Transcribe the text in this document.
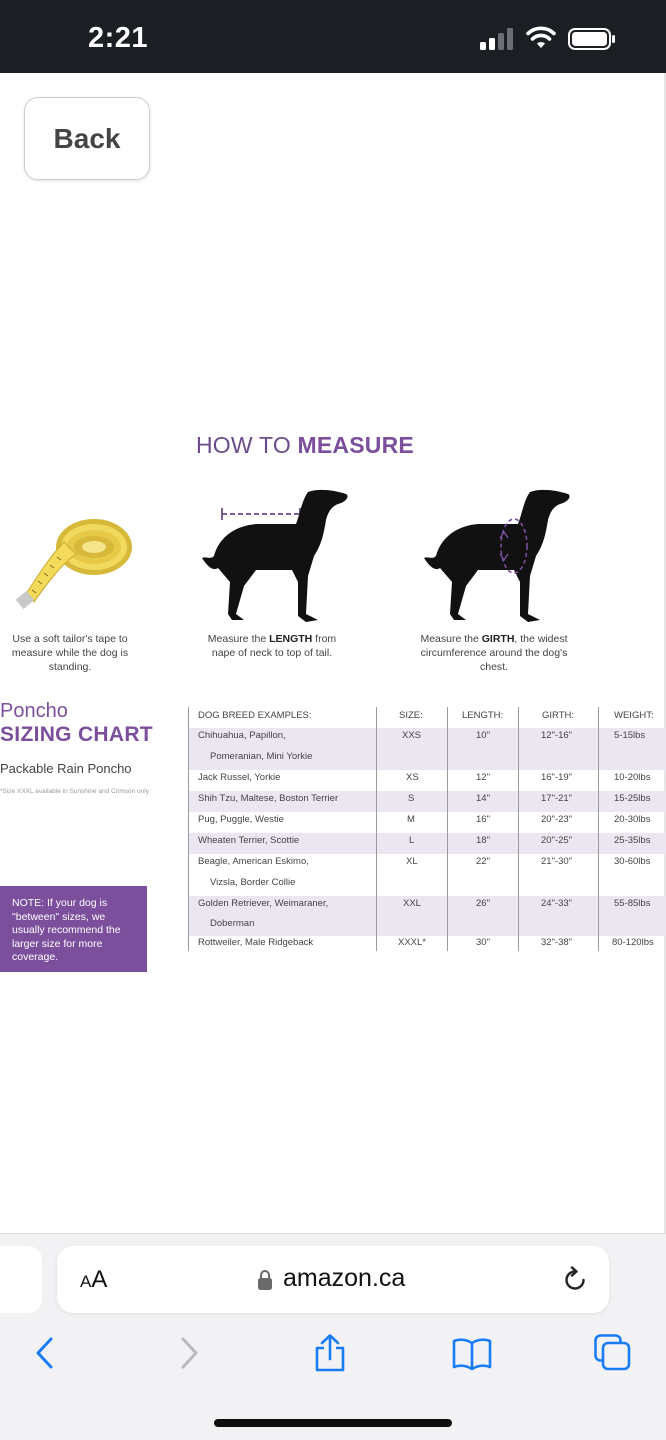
2:21
Back
HOW TO MEASURE
Use a soft tailor's tape to measure while the dog is standing.
Measure the LENGTH from nape of neck to top of tail.
Measure the GIRTH, the widest circumference around the dog's chest.
Poncho
SIZING CHART
Packable Rain Poncho
*Size XXXL available in Sunshine and Crimson only
NOTE: If your dog is "between" sizes, we usually recommend the larger size for more coverage.
DOG BREED EXAMPLES:	SIZE:	LENGTH:	GIRTH:	WEIGHT:
Chihuahua, Papillon,
Pomeranian, Mini Yorkie
XXS	10"	12"-16"	5-15lbs
Jack Russel, Yorkie	XS	12"	16"-19"	10-20lbs
Shih Tzu, Maltese, Boston Terrier	S	14"	17"-21"	15-25lbs
Pug, Puggle, Westie	M	16"	20"-23"	20-30lbs
Wheaten Terrier, Scottie	L	18"	20"-25"	25-35lbs
Beagle, American Eskimo,
Vizsla, Border Collie
XL	22"	21"-30"	30-60lbs
Golden Retriever, Weimaraner,
Doberman
XXL	26"	24"-33"	55-85lbs
Rottweiler, Male Ridgeback	XXXL*	30"	32"-38"	80-120lbs
AA	amazon.ca
